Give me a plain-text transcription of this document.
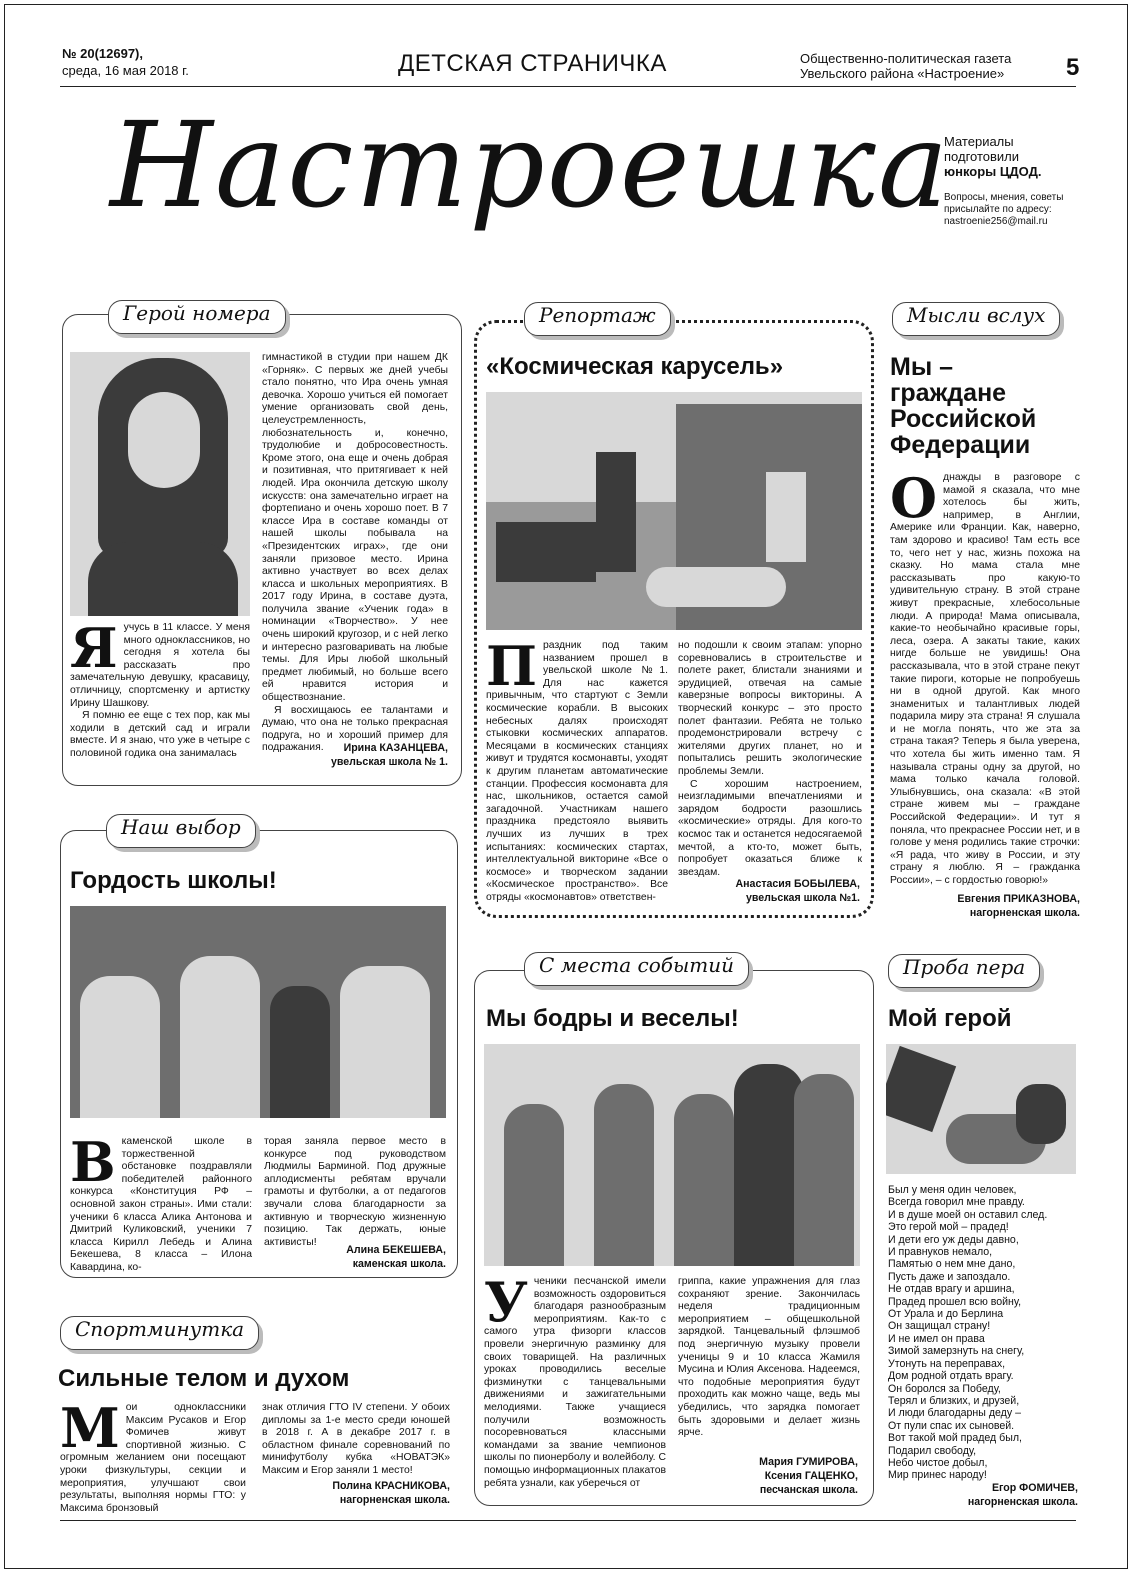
№ 20(12697),
среда, 16 мая 2018 г.	ДЕТСКАЯ СТРАНИЧКА	Общественно-политическая газета
Увельского района «Настроение»	5
Настроешка
Материалы
подготовили
юнкоры ЦДОД.
Вопросы, мнения, советы
присылайте по адресу:
nastroenie256@mail.ru
Герой номера
Я учусь в 11 классе. У меня много одноклассников, но сегодня я хотела бы рассказать про замечательную девушку, красавицу, отличницу, спортсменку и артистку Ирину Шашкову.

Я помню ее еще с тех пор, как мы ходили в детский сад и играли вместе. И я знаю, что уже в четыре с половиной годика она занималась

гимнастикой в студии при нашем ДК «Горняк». С первых же дней учебы стало понятно, что Ира очень умная девочка. Хорошо учиться ей помогает умение организовать свой день, целеустремленность, любознательность и, конечно, трудолюбие и добросовестность. Кроме этого, она еще и очень добрая и позитивная, что притягивает к ней людей. Ира окончила детскую школу искусств: она замечательно играет на фортепиано и очень хорошо поет. В 7 классе Ира в составе команды от нашей школы побывала на «Президентских играх», где они заняли призовое место. Ирина активно участвует во всех делах класса и школьных мероприятиях. В 2017 году Ирина, в составе дуэта, получила звание «Ученик года» в номинации «Творчество». У нее очень широкий кругозор, и с ней легко и интересно разговаривать на любые темы. Для Иры любой школьный предмет любимый, но больше всего ей нравится история и обществознание.

Я восхищаюсь ее талантами и думаю, что она не только прекрасная подруга, но и хороший пример для подражания.	Ирина КАЗАНЦЕВА,
увельская школа № 1.
Репортаж
«Космическая карусель»
П раздник под таким названием прошел в увельской школе №1. Для нас кажется привычным, что стартуют с Земли космические корабли. В высоких небесных далях происходят стыковки космических аппаратов. Месяцами в космических станциях живут и трудятся космонавты, уходят к другим планетам автоматические станции. Профессия космонавта для нас, школьников, остается самой загадочной. Участникам нашего праздника предстояло выявить лучших из лучших в трех испытаниях: космических стартах, интеллектуальной викторине «Все о космосе» и творческом задании «Космическое пространство». Все отряды «космонавтов» ответствен-

но подошли к своим этапам: упорно соревновались в строительстве и полете ракет, блистали знаниями и эрудицией, отвечая на самые каверзные вопросы викторины. А творческий конкурс – это просто полет фантазии. Ребята не только продемонстрировали встречу с жителями других планет, но и попытались решить экологические проблемы Земли.

С хорошим настроением, неизгладимыми впечатлениями и зарядом бодрости разошлись «космические» отряды. Для кого-то космос так и останется недосягаемой мечтой, а кто-то, может быть, попробует оказаться ближе к звездам.

Анастасия БОБЫЛЕВА,
увельская школа №1.
Мысли вслух
Мы –
граждане
Российской
Федерации
О днажды в разговоре с мамой я сказала, что мне хотелось бы жить, например, в Англии, Америке или Франции. Как, наверно, там здорово и красиво! Там есть все то, чего нет у нас, жизнь похожа на сказку. Но мама стала мне рассказывать про какую-то удивительную страну. В этой стране живут прекрасные, хлебосольные люди. А природа! Мама описывала, какие-то необычайно красивые горы, леса, озера. А закаты такие, каких нигде больше не увидишь! Она рассказывала, что в этой стране пекут такие пироги, которые не попробуешь ни в одной другой. Как много знаменитых и талантливых людей подарила миру эта страна! Я слушала и не могла понять, что же эта за страна такая? Теперь я была уверена, что хотела бы жить именно там. Я называла страны одну за другой, но мама только качала головой. Улыбнувшись, она сказала: «В этой стране живем мы – граждане Российской Федерации». И тут я поняла, что прекраснее России нет, и в голове у меня родились такие строчки: «Я рада, что живу в России, и эту страну я люблю. Я – гражданка России», – с гордостью говорю!»

Евгения ПРИКАЗНОВА,
нагорненская школа.
Наш выбор
Гордость школы!
В каменской школе в торжественной обстановке поздравляли победителей районного конкурса «Конституция РФ – основной закон страны». Ими стали: ученики 6 класса Алика Антонова и Дмитрий Куликовский, ученики 7 класса Кирилл Лебедь и Алина Бекешева, 8 класса – Илона Кавардина, ко-

торая заняла первое место в конкурсе под руководством Людмилы Барминой. Под дружные аплодисменты ребятам вручали грамоты и футболки, а от педагогов звучали слова благодарности за активную и творческую жизненную позицию. Так держать, юные активисты!

Алина БЕКЕШЕВА,
каменская школа.
С места событий
Мы бодры и веселы!
У ченики песчанской имели возможность оздоровиться благодаря разнообразным мероприятиям. Как-то с самого утра физорги классов провели энергичную разминку для своих товарищей. На различных уроках проводились веселые физминутки с танцевальными движениями и зажигательными мелодиями. Также учащиеся получили возможность посоревноваться классными командами за звание чемпионов школы по пионерболу и волейболу. С помощью информационных плакатов ребята узнали, как уберечься от

гриппа, какие упражнения для глаз сохраняют зрение. Закончилась неделя традиционным мероприятием – общешкольной зарядкой. Танцевальный флэшмоб под энергичную музыку провели ученицы 9 и 10 класса Жамиля Мусина и Юлия Аксенова. Надеемся, что подобные мероприятия будут проходить как можно чаще, ведь мы убедились, что зарядка помогает быть здоровыми и делает жизнь ярче.

Мария ГУМИРОВА,
Ксения ГАЦЕНКО,
песчанская школа.
Проба пера
Мой герой
Был у меня один человек,
Всегда говорил мне правду.
И в душе моей он оставил след.
Это герой мой – прадед!
И дети его уж деды давно,
И правнуков немало,
Памятью о нем мне дано,
Пусть даже и запоздало.
Не отдав врагу и аршина,
Прадед прошел всю войну,
От Урала и до Берлина
Он защищал страну!
И не имел он права
Зимой замерзнуть на снегу,
Утонуть на переправах,
Дом родной отдать врагу.
Он боролся за Победу,
Терял и близких, и друзей,
И люди благодарны деду –
От пули спас их сыновей.
Вот такой мой прадед был,
Подарил свободу,
Небо чистое добыл,
Мир принес народу!
Егор ФОМИЧЕВ,
нагорненская школа.
Спортминутка
Сильные телом и духом
М ои одноклассники Максим Русаков и Егор Фомичев живут спортивной жизнью. С огромным желанием они посещают уроки физкультуры, секции и мероприятия, улучшают свои результаты, выполняя нормы ГТО: у Максима бронзовый

знак отличия ГТО IV степени. У обоих дипломы за 1-е место среди юношей в 2018 г. А в декабре 2017 г. в областном финале соревнований по минифутболу кубка «НОВАТЭК» Максим и Егор заняли 1 место!

Полина КРАСНИКОВА,
нагорненская школа.
